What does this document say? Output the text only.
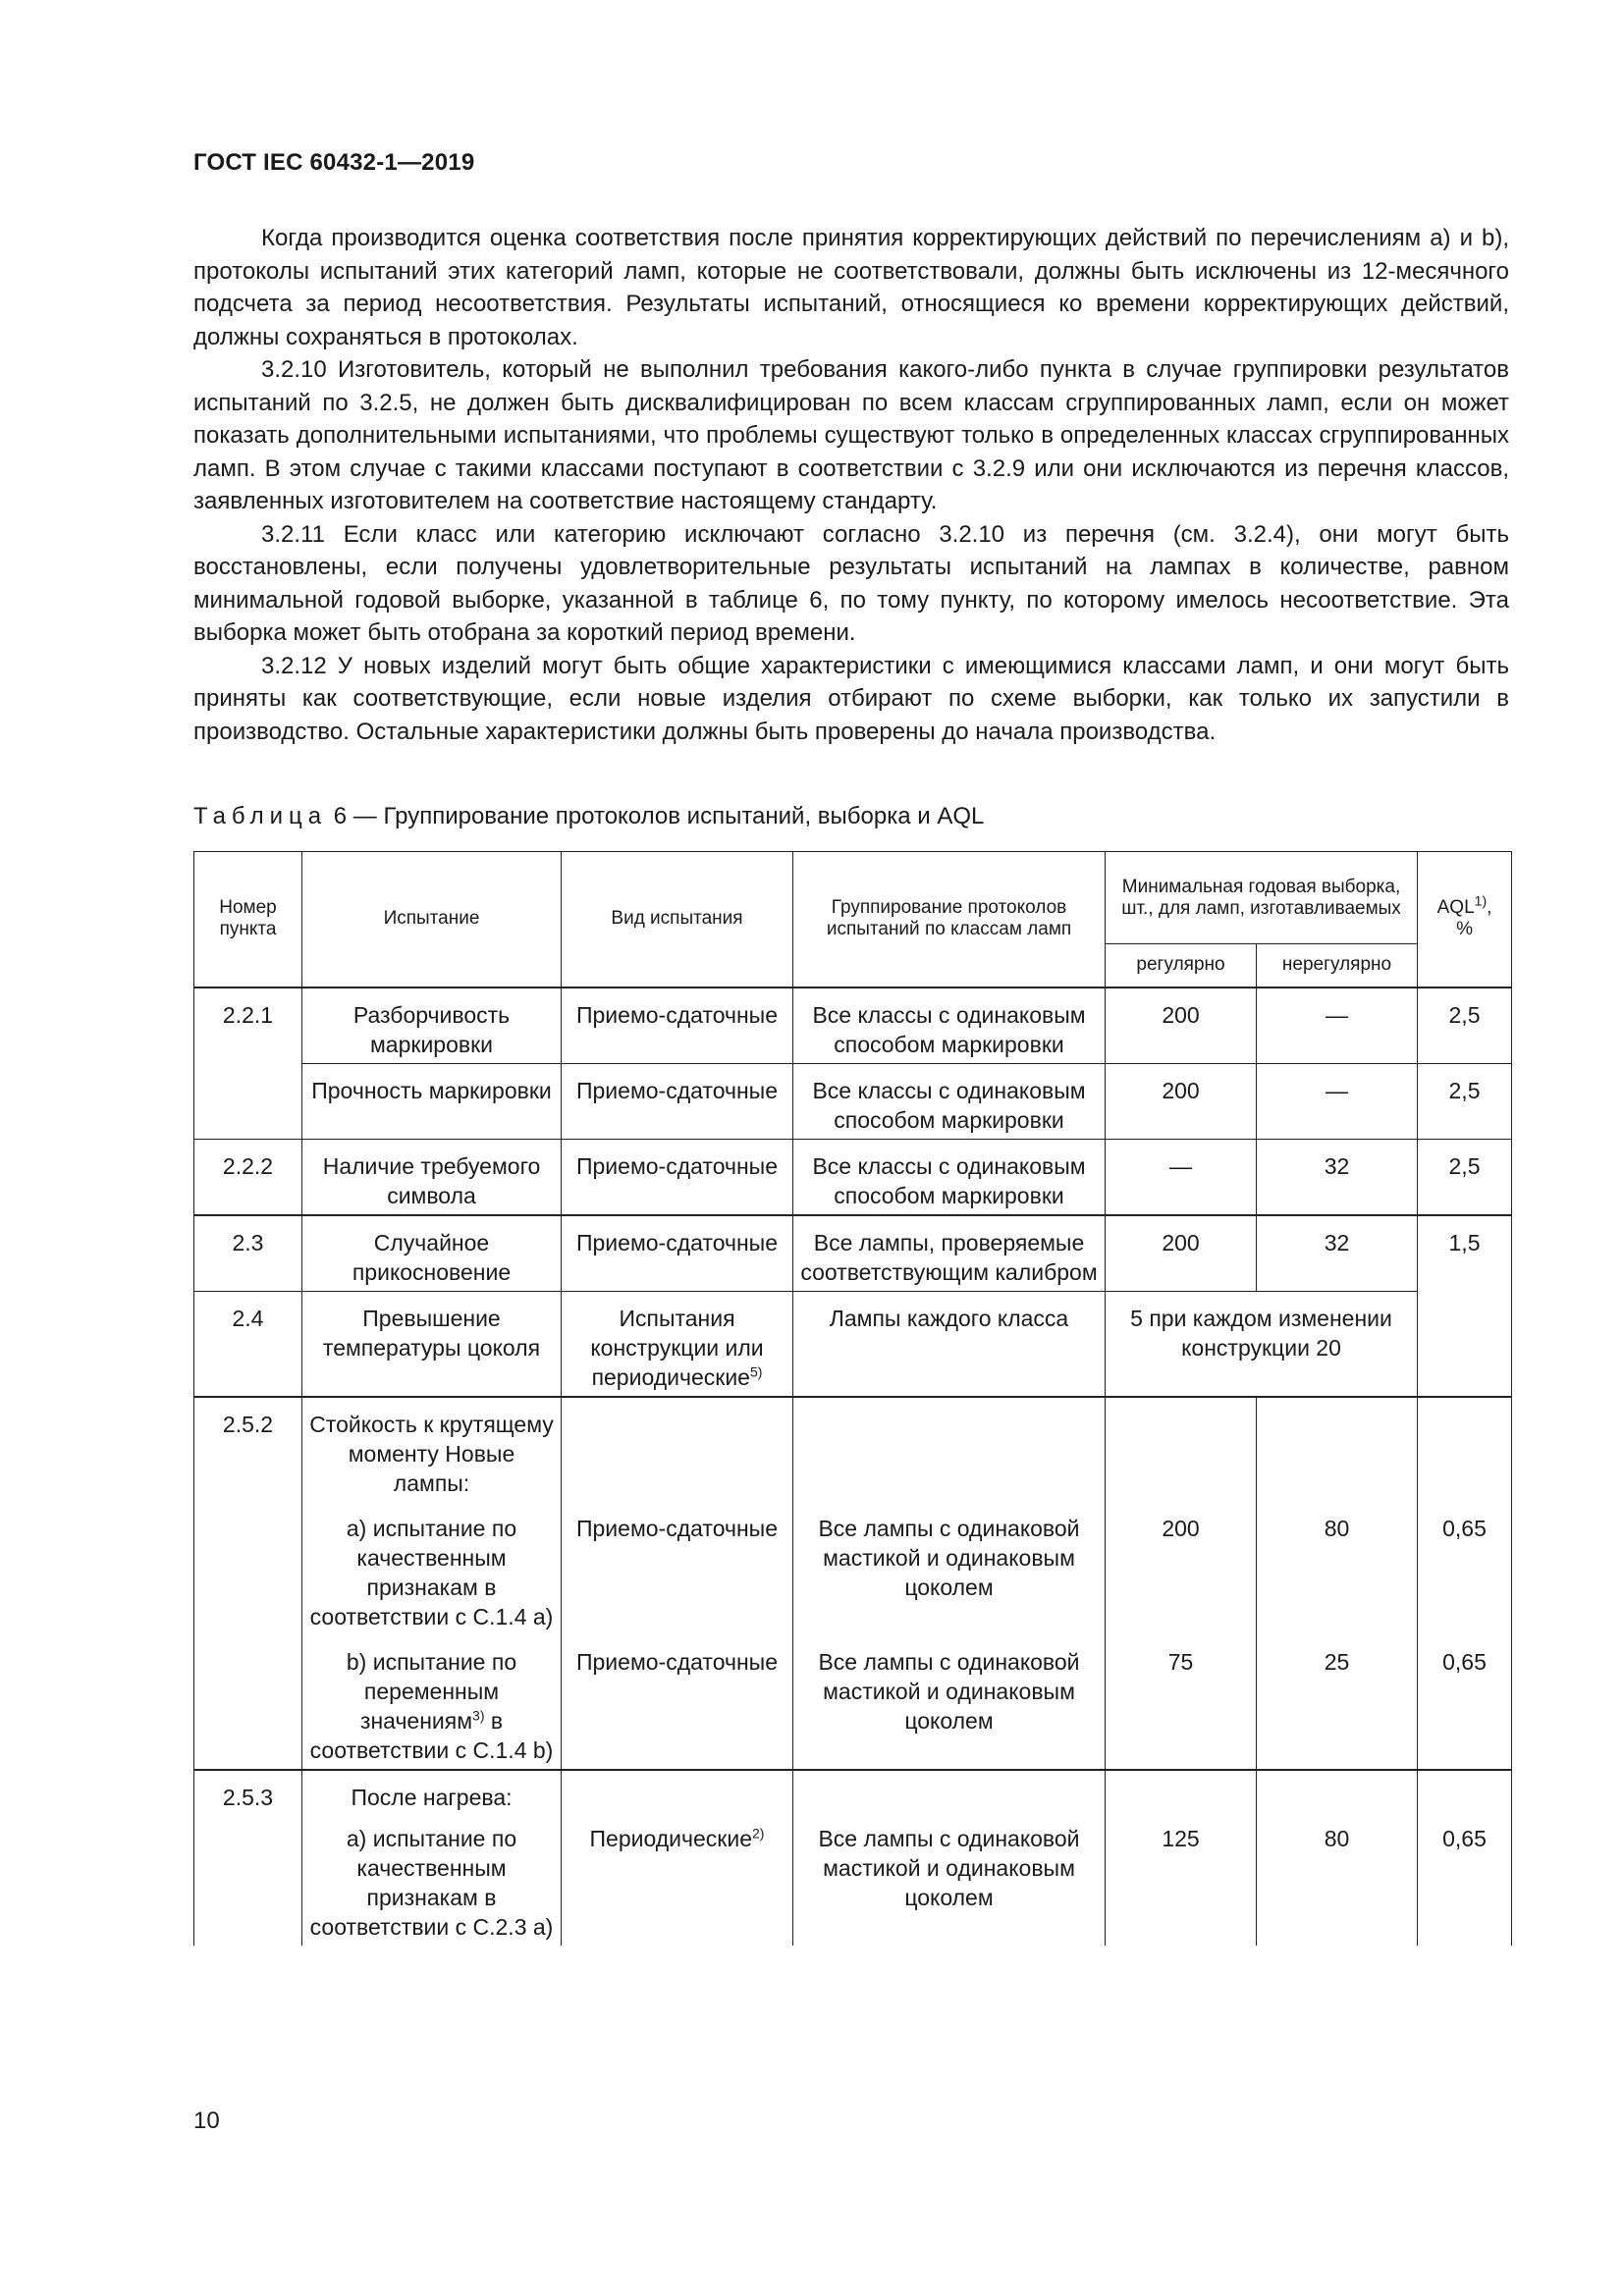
ГОСТ IEC 60432-1—2019

Когда производится оценка соответствия после принятия корректирующих действий по перечислениям а) и b), протоколы испытаний этих категорий ламп, которые не соответствовали, должны быть исключены из 12-месячного подсчета за период несоответствия. Результаты испытаний, относящиеся ко времени корректирующих действий, должны сохраняться в протоколах.

3.2.10 Изготовитель, который не выполнил требования какого-либо пункта в случае группировки результатов испытаний по 3.2.5, не должен быть дисквалифицирован по всем классам сгруппированных ламп, если он может показать дополнительными испытаниями, что проблемы существуют только в определенных классах сгруппированных ламп. В этом случае с такими классами поступают в соответствии с 3.2.9 или они исключаются из перечня классов, заявленных изготовителем на соответствие настоящему стандарту.

3.2.11 Если класс или категорию исключают согласно 3.2.10 из перечня (см. 3.2.4), они могут быть восстановлены, если получены удовлетворительные результаты испытаний на лампах в количестве, равном минимальной годовой выборке, указанной в таблице 6, по тому пункту, по которому имелось несоответствие. Эта выборка может быть отобрана за короткий период времени.

3.2.12 У новых изделий могут быть общие характеристики с имеющимися классами ламп, и они могут быть приняты как соответствующие, если новые изделия отбирают по схеме выборки, как только их запустили в производство. Остальные характеристики должны быть проверены до начала производства.

Таблица 6 — Группирование протоколов испытаний, выборка и AQL
Номер пункта	Испытание	Вид испытания	Группирование протоколов испытаний по классам ламп	Минимальная годовая выборка, шт., для ламп, изготавливаемых		AQL$^{1)}$,
%
				регулярно	нерегулярно	
2.2.1	Разборчивость маркировки	Приемо-сдаточные	Все классы с одинаковым способом маркировки	200	—	2,5
	Прочность маркировки	Приемо-сдаточные	Все классы с одинаковым способом маркировки	200	—	2,5
2.2.2	Наличие требуемого символа	Приемо-сдаточные	Все классы с одинаковым способом маркировки	—	32	2,5
2.3	Случайное прикосновение	Приемо-сдаточные	Все лампы, проверяемые соответствующим калибром	200	32	1,5
2.4	Превышение температуры цоколя	Испытания конструкции или периодические$^{5)}$	Лампы каждого класса	5 при каждом изменении конструкции 20		
2.5.2	Стойкость к крутящему моменту Новые лампы:					
	а) испытание по качественным признакам в соответствии с С.1.4 а)	Приемо-сдаточные	Все лампы с одинаковой мастикой и одинаковым цоколем	200	80	0,65
	b) испытание по переменным значениям$^{3)}$ в соответствии с С.1.4 b)	Приемо-сдаточные	Все лампы с одинаковой мастикой и одинаковым цоколем	75	25	0,65
2.5.3	После нагрева:					
	а) испытание по качественным признакам в соответствии с С.2.3 а)	Периодические$^{2)}$	Все лампы с одинаковой мастикой и одинаковым цоколем	125	80	0,65
10
